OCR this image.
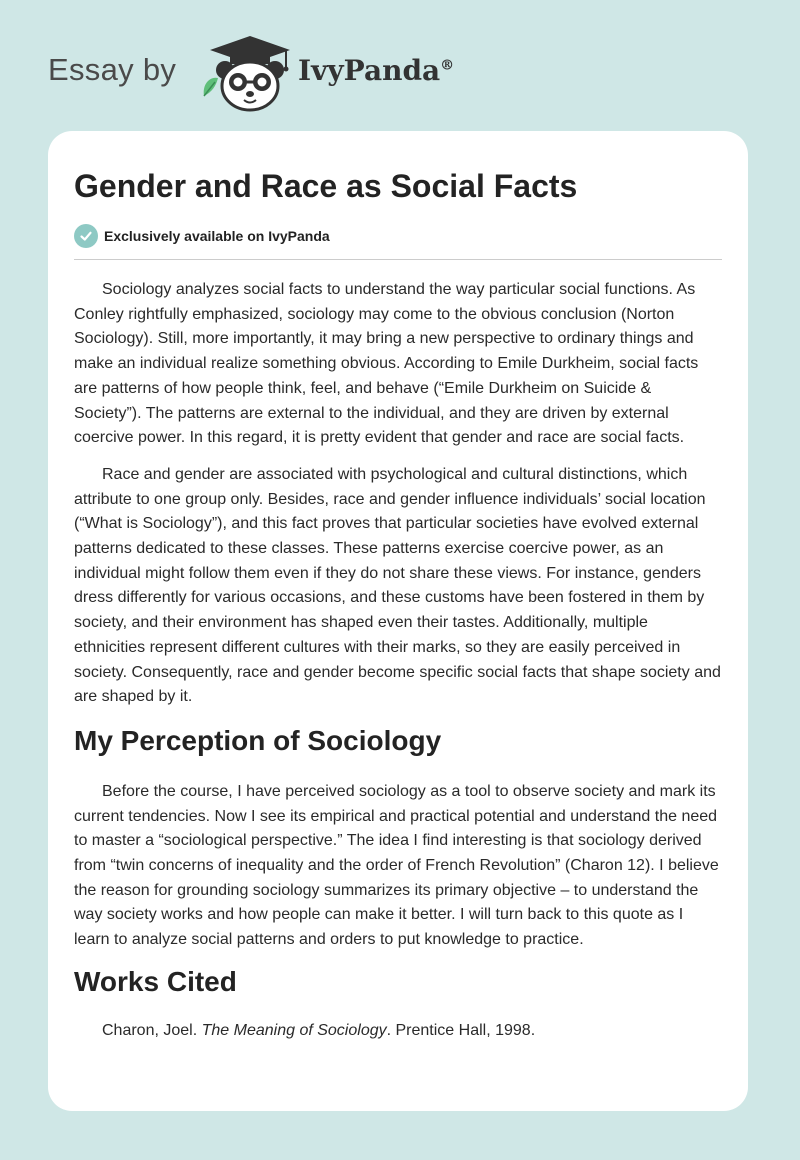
Essay by	IvyPanda®
Gender and Race as Social Facts
Exclusively available on IvyPanda

Sociology analyzes social facts to understand the way particular social functions. As Conley rightfully emphasized, sociology may come to the obvious conclusion (Norton Sociology). Still, more importantly, it may bring a new perspective to ordinary things and make an individual realize something obvious. According to Emile Durkheim, social facts are patterns of how people think, feel, and behave (“Emile Durkheim on Suicide & Society”). The patterns are external to the individual, and they are driven by external coercive power. In this regard, it is pretty evident that gender and race are social facts.

Race and gender are associated with psychological and cultural distinctions, which attribute to one group only. Besides, race and gender influence individuals’ social location (“What is Sociology”), and this fact proves that particular societies have evolved external patterns dedicated to these classes. These patterns exercise coercive power, as an individual might follow them even if they do not share these views. For instance, genders dress differently for various occasions, and these customs have been fostered in them by society, and their environment has shaped even their tastes. Additionally, multiple ethnicities represent different cultures with their marks, so they are easily perceived in society. Consequently, race and gender become specific social facts that shape society and are shaped by it.

My Perception of Sociology

Before the course, I have perceived sociology as a tool to observe society and mark its current tendencies. Now I see its empirical and practical potential and understand the need to master a “sociological perspective.” The idea I find interesting is that sociology derived from “twin concerns of inequality and the order of French Revolution” (Charon 12). I believe the reason for grounding sociology summarizes its primary objective – to understand the way society works and how people can make it better. I will turn back to this quote as I learn to analyze social patterns and orders to put knowledge to practice.

Works Cited

Charon, Joel. The Meaning of Sociology. Prentice Hall, 1998.
